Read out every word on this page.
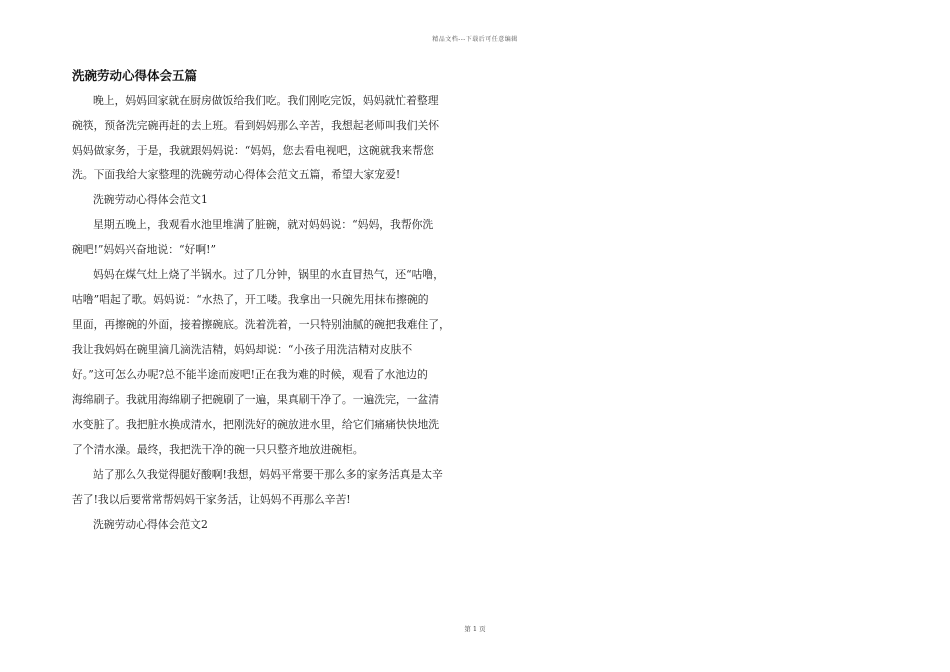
精品文档---下载后可任意编辑
洗碗劳动心得体会五篇
晚上，妈妈回家就在厨房做饭给我们吃。我们刚吃完饭，妈妈就忙着整理
碗筷，预备洗完碗再赶的去上班。看到妈妈那么辛苦，我想起老师叫我们关怀
妈妈做家务，于是，我就跟妈妈说：“妈妈，您去看电视吧，这碗就我来帮您
洗。下面我给大家整理的洗碗劳动心得体会范文五篇，希望大家宠爱!
洗碗劳动心得体会范文1
星期五晚上，我观看水池里堆满了脏碗，就对妈妈说：“妈妈，我帮你洗
碗吧!”妈妈兴奋地说：“好啊!”
妈妈在煤气灶上烧了半锅水。过了几分钟，锅里的水直冒热气，还“咕噜，
咕噜”唱起了歌。妈妈说：“水热了，开工喽。我拿出一只碗先用抹布擦碗的
里面，再擦碗的外面，接着擦碗底。洗着洗着，一只特别油腻的碗把我难住了，
我让我妈妈在碗里滴几滴洗洁精，妈妈却说：“小孩子用洗洁精对皮肤不
好。”这可怎么办呢?总不能半途而废吧!正在我为难的时候，观看了水池边的
海绵刷子。我就用海绵刷子把碗刷了一遍，果真刷干净了。一遍洗完，一盆清
水变脏了。我把脏水换成清水，把刚洗好的碗放进水里，给它们痛痛快快地洗
了个清水澡。最终，我把洗干净的碗一只只整齐地放进碗柜。
站了那么久我觉得腿好酸啊!我想，妈妈平常要干那么多的家务活真是太辛
苦了!我以后要常常帮妈妈干家务活，让妈妈不再那么辛苦!
洗碗劳动心得体会范文2
第 1 页
